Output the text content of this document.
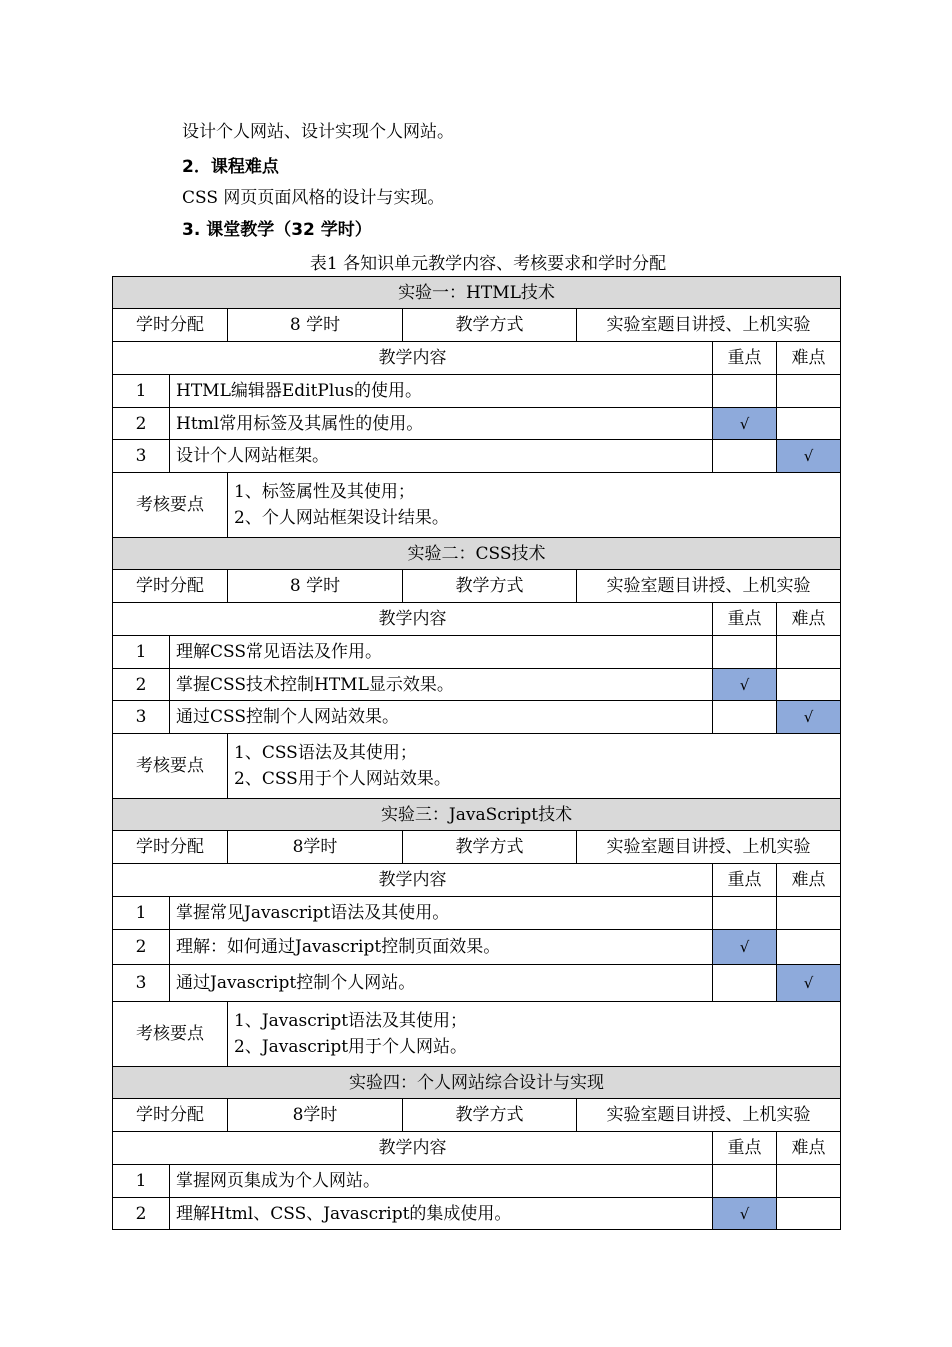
设计个人网站、设计实现个人网站。
2．课程难点
CSS 网页页面风格的设计与实现。
3. 课堂教学（32 学时）
表1 各知识单元教学内容、考核要求和学时分配
实验一：HTML技术						
学时分配		8 学时	教学方式	实验室题目讲授、上机实验		
教学内容					重点	难点
1	HTML编辑器EditPlus的使用。					
2	Html常用标签及其属性的使用。				√	
3	设计个人网站框架。					√
考核要点		1、标签属性及其使用；
2、个人网站框架设计结果。				

实验二：CSS技术						
学时分配		8 学时	教学方式	实验室题目讲授、上机实验		
教学内容					重点	难点
1	理解CSS常见语法及作用。					
2	掌握CSS技术控制HTML显示效果。				√	
3	通过CSS控制个人网站效果。					√
考核要点		1、CSS语法及其使用；
2、CSS用于个人网站效果。				

实验三：JavaScript技术						
学时分配		8学时	教学方式	实验室题目讲授、上机实验		
教学内容					重点	难点
1	掌握常见Javascript语法及其使用。					
2	理解：如何通过Javascript控制页面效果。				√	
3	通过Javascript控制个人网站。					√
考核要点		1、Javascript语法及其使用；
2、Javascript用于个人网站。				

实验四：个人网站综合设计与实现						
学时分配		8学时	教学方式	实验室题目讲授、上机实验		
教学内容					重点	难点
1	掌握网页集成为个人网站。					
2	理解Html、CSS、Javascript的集成使用。				√	
